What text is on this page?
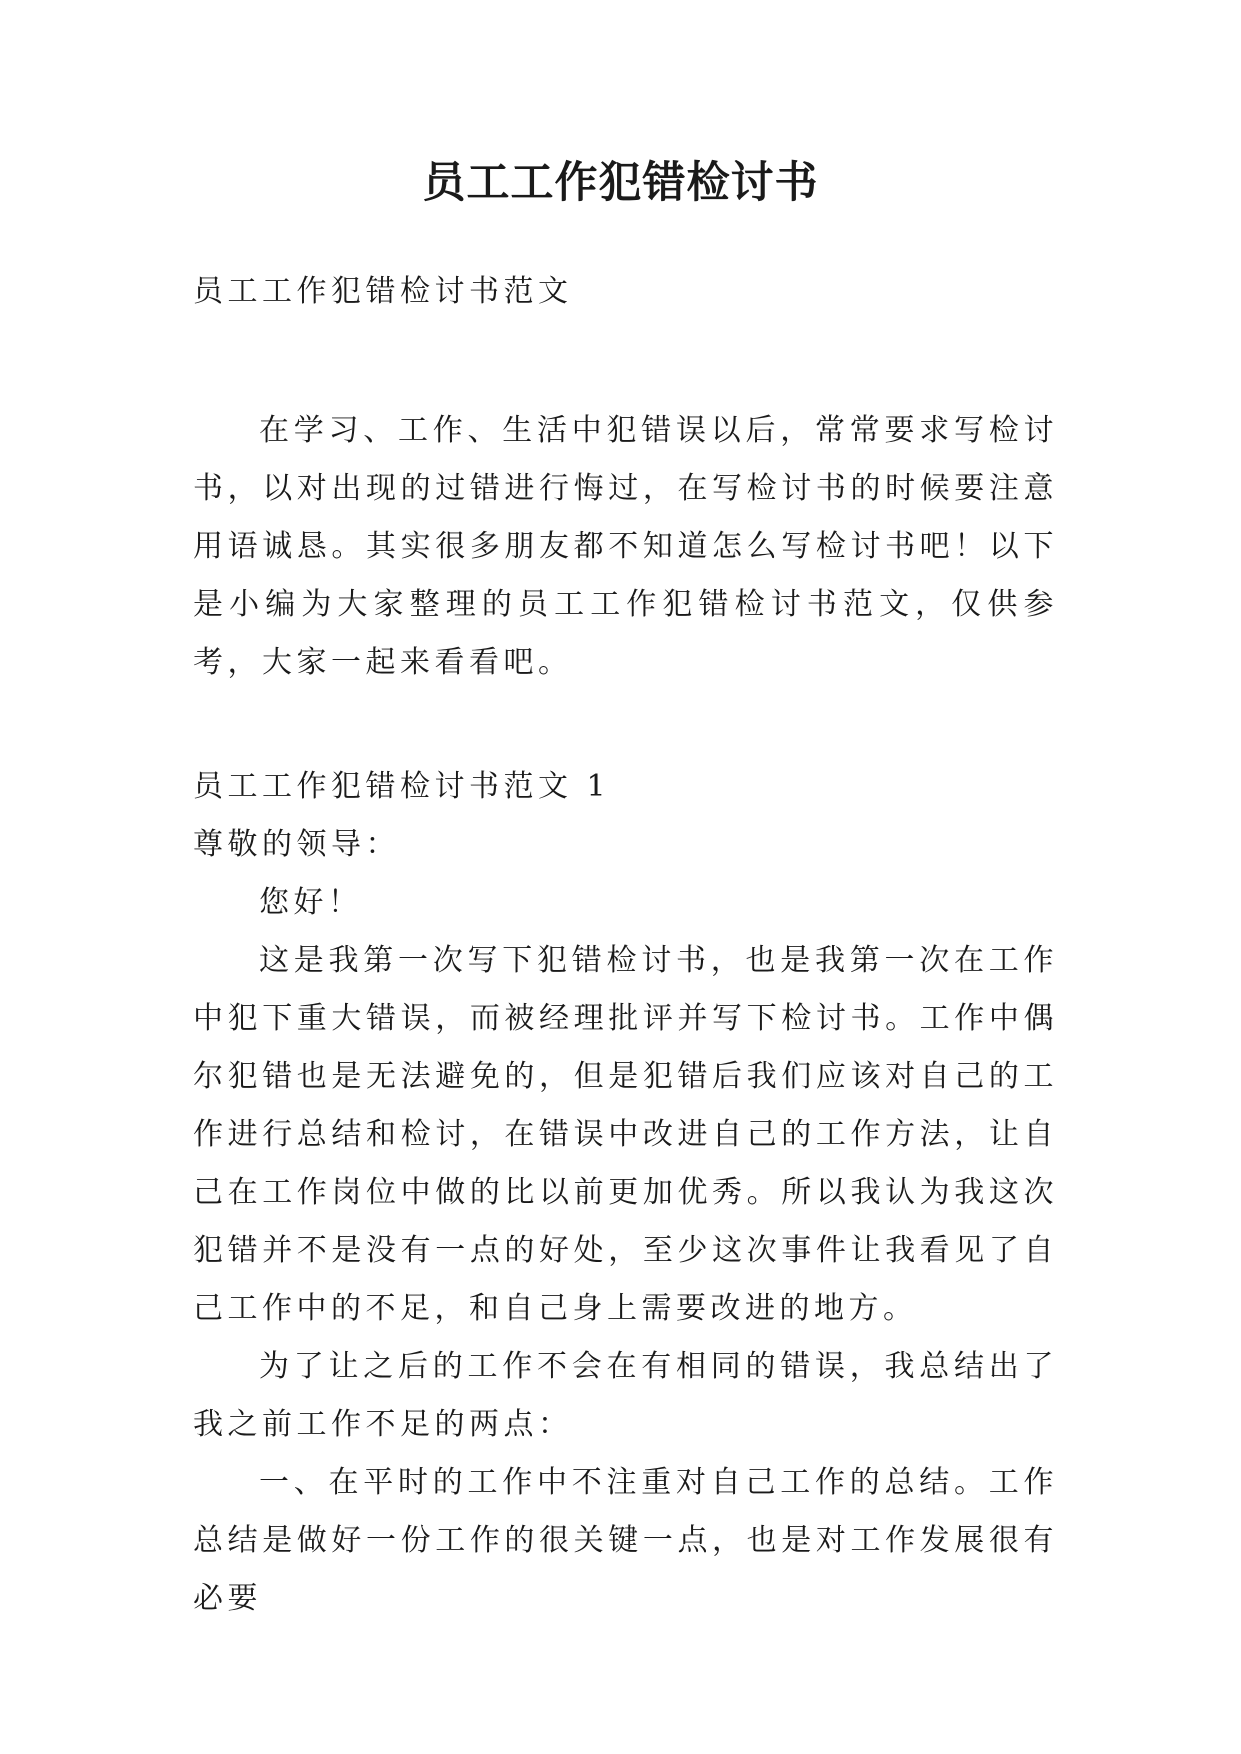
员工工作犯错检讨书

员工工作犯错检讨书范文

在学习、工作、生活中犯错误以后，常常要求写检讨书，以对出现的过错进行悔过，在写检讨书的时候要注意用语诚恳。其实很多朋友都不知道怎么写检讨书吧！以下是小编为大家整理的员工工作犯错检讨书范文，仅供参考，大家一起来看看吧。

员工工作犯错检讨书范文 1

尊敬的领导：

您好！

这是我第一次写下犯错检讨书，也是我第一次在工作中犯下重大错误，而被经理批评并写下检讨书。工作中偶尔犯错也是无法避免的，但是犯错后我们应该对自己的工作进行总结和检讨，在错误中改进自己的工作方法，让自己在工作岗位中做的比以前更加优秀。所以我认为我这次犯错并不是没有一点的好处，至少这次事件让我看见了自己工作中的不足，和自己身上需要改进的地方。

为了让之后的工作不会在有相同的错误，我总结出了我之前工作不足的两点：

一、在平时的工作中不注重对自己工作的总结。工作总结是做好一份工作的很关键一点，也是对工作发展很有必要
